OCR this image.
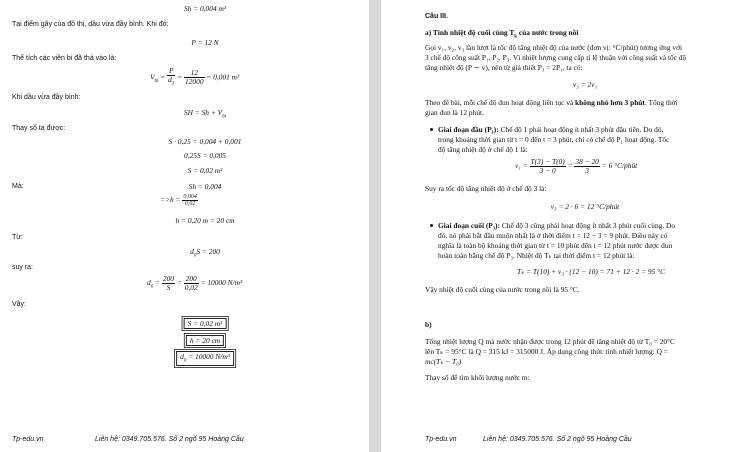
Sh = 0,004 m³
Tại điểm gãy của đồ thị, dầu vừa đầy bình. Khi đó:
P = 12 N
Thể tích các viên bi đã thả vào là:
$V_{bi} = \frac{P}{d_1} = \frac{12}{12000} = 0,001$ m³
Khi dầu vừa đầy bình:
SH = $Sh + V_{bi}$
Thay số ta được:
S · 0,25 = 0,004 + 0,001
0,25S = 0,005
S = 0,02 m²
Mà:	Sh = 0,004
$=>h = \frac{0,004}{0,02}$
h = 0,20 m = 20 cm
Từ:
$d_0S = 200$
suy ra:
$d_0 = \frac{200}{S} = \frac{200}{0,02} = 10000$ N/m³
Vậy:
S = 0,02 m²
h = 20 cm
$d_0 = 10000$ N/m³
Tp-edu.vn	Liên hệ: 0349.705.576. Số 2 ngõ 95 Hoàng Cầu
Câu III.
a) Tính nhiệt độ cuối cùng $T_k$ của nước trong nồi
Gọi v₁, v₂, v₃ lần lượt là tốc độ tăng nhiệt độ của nước (đơn vị: °C/phút) tương ứng với
3 chế độ công suất P₁, P₂, P₃. Vì nhiệt lượng cung cấp tỉ lệ thuận với công suất và tốc độ
tăng nhiệt độ (P ∼ v), nên từ giả thiết P₃ = 2P₁, ta có:
v₃ = 2v₁
Theo đề bài, mỗi chế độ đun hoạt động liên tục và không nhỏ hơn 3 phút. Tổng thời
gian đun là 12 phút.
Giai đoạn đầu (P₁): Chế độ 1 phải hoạt động ít nhất 3 phút đầu tiên. Do đó,
trong khoảng thời gian từ t = 0 đến t = 3 phút, chỉ có chế độ P₁ hoạt động. Tốc
độ tăng nhiệt độ ở chế độ 1 là:
$v_1 = \frac{T(3) - T(0)}{3 - 0} = \frac{38 - 20}{3} = 6$ °C/phút
Suy ra tốc độ tăng nhiệt độ ở chế độ 3 là:
v₃ = 2 · 6 = 12 °C/phút
Giai đoạn cuối (P₃): Chế độ 3 cũng phải hoạt động ít nhất 3 phút cuối cùng. Do
đó, nó phải bắt đầu muộn nhất là ở thời điểm t = 12 − 3 = 9 phút. Điều này có
nghĩa là toàn bộ khoảng thời gian từ t = 10 phút đến t = 12 phút nước được đun
hoàn toàn bằng chế độ P₃. Nhiệt độ Tₖ tại thời điểm t = 12 phút là:
Tₖ = T(10) + v₃ · (12 − 10) = 71 + 12 · 2 = 95 °C
Vậy nhiệt độ cuối cùng của nước trong nồi là 95 °C.
b)
Tổng nhiệt lượng Q mà nước nhận được trong 12 phút để tăng nhiệt độ từ T₀ = 20°C
lên Tₖ = 95°C là Q = 315 kJ = 315000 J. Áp dụng công thức tính nhiệt lượng: Q =
mc(Tₖ − T₀)
Thay số để tìm khối lượng nước m:
Tp-edu.vn	Liên hệ: 0349.705.576. Số 2 ngõ 95 Hoàng Cầu
